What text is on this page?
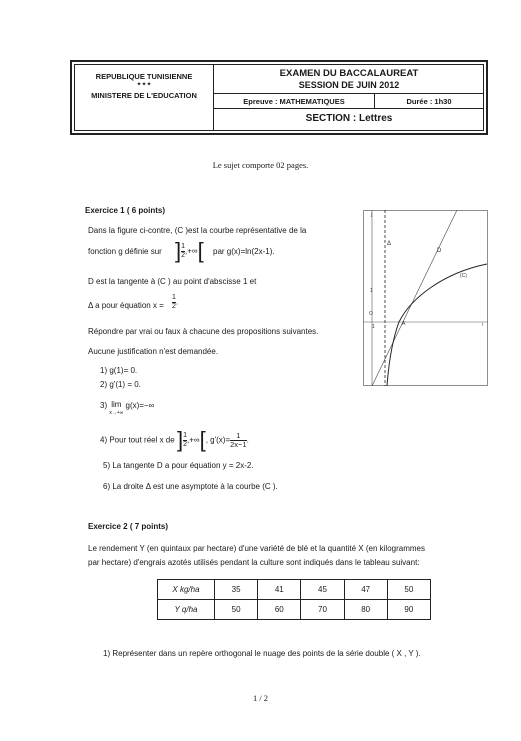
REPUBLIQUE TUNISIENNE
✦✦✦
MINISTERE DE L'EDUCATION
EXAMEN DU BACCALAUREAT
SESSION DE JUIN 2012
Epreuve : MATHEMATIQUES	Durée : 1h30
SECTION : Lettres
Le sujet comporte 02 pages.
Exercice 1 ( 6 points)
Dans la figure ci-contre, (C )est la courbe représentative de la
fonction g définie sur ] $\frac{1}{2}$ ,+∞[ par g(x)=ln(2x-1).
D est la tangente à (C ) au point d'abscisse 1 et
Δ a pour équation $x = \frac{1}{2}$ .
Répondre par vrai ou faux à chacune des propositions suivantes.
Aucune justification n'est demandée.
1) g(1)= 0.
2) g'(1) = 0.
3) lim
x→+∞
g(x)=−∞
4) Pour tout réel x de ] $\frac{1}{2}$ ,+∞[, $g'(x)= \frac{1}{2x-1}$ .
5) La tangente D a pour équation y = 2x-2.
6) La droite Δ est une asymptote à la courbe (C ).
j
Δ
D
(C)
A
O
1
1	i
Exercice 2 ( 7 points)
Le rendement Y (en quintaux par hectare) d'une variété de blé et la quantité X (en kilogrammes
par hectare) d'engrais azotés utilisés pendant la culture sont indiqués dans le tableau suivant:
X kg/ha	35	41	45	47	50
Y q/ha	50	60	70	80	90
1) Représenter dans un repère orthogonal le nuage des points de la série double ( X , Y ).
1 / 2
